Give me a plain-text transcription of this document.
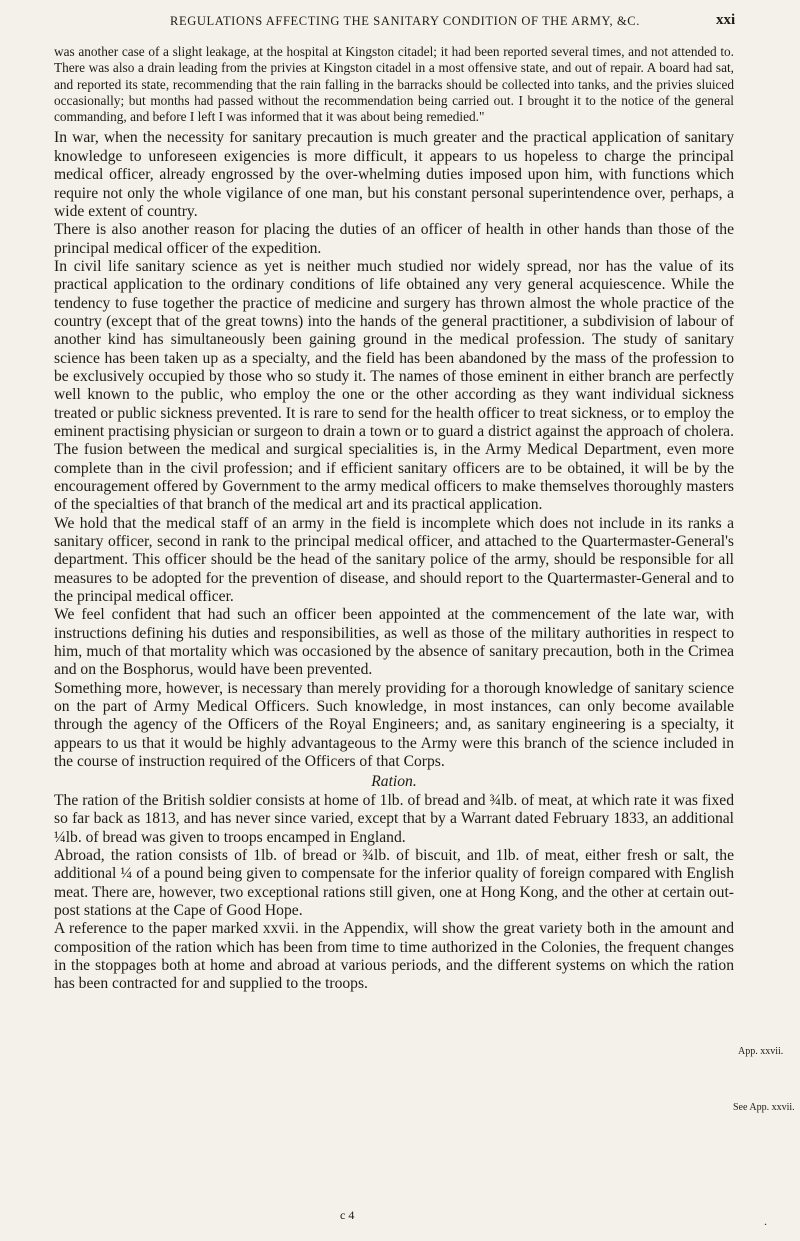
REGULATIONS AFFECTING THE SANITARY CONDITION OF THE ARMY, &C.	xxi

was another case of a slight leakage, at the hospital at Kingston citadel; it had been reported several times, and not attended to. There was also a drain leading from the privies at Kingston citadel in a most offensive state, and out of repair. A board had sat, and reported its state, recommending that the rain falling in the barracks should be collected into tanks, and the privies sluiced occasionally; but months had passed without the recommendation being carried out. I brought it to the notice of the general commanding, and before I left I was informed that it was about being remedied."

In war, when the necessity for sanitary precaution is much greater and the practical application of sanitary knowledge to unforeseen exigencies is more difficult, it appears to us hopeless to charge the principal medical officer, already engrossed by the over-whelming duties imposed upon him, with functions which require not only the whole vigilance of one man, but his constant personal superintendence over, perhaps, a wide extent of country.

There is also another reason for placing the duties of an officer of health in other hands than those of the principal medical officer of the expedition.

In civil life sanitary science as yet is neither much studied nor widely spread, nor has the value of its practical application to the ordinary conditions of life obtained any very general acquiescence. While the tendency to fuse together the practice of medicine and surgery has thrown almost the whole practice of the country (except that of the great towns) into the hands of the general practitioner, a subdivision of labour of another kind has simultaneously been gaining ground in the medical profession. The study of sanitary science has been taken up as a specialty, and the field has been abandoned by the mass of the profession to be exclusively occupied by those who so study it. The names of those eminent in either branch are perfectly well known to the public, who employ the one or the other according as they want individual sickness treated or public sickness prevented. It is rare to send for the health officer to treat sickness, or to employ the eminent practising physician or surgeon to drain a town or to guard a district against the approach of cholera.

The fusion between the medical and surgical specialities is, in the Army Medical Department, even more complete than in the civil profession; and if efficient sanitary officers are to be obtained, it will be by the encouragement offered by Government to the army medical officers to make themselves thoroughly masters of the specialties of that branch of the medical art and its practical application.

We hold that the medical staff of an army in the field is incomplete which does not include in its ranks a sanitary officer, second in rank to the principal medical officer, and attached to the Quartermaster-General's department. This officer should be the head of the sanitary police of the army, should be responsible for all measures to be adopted for the prevention of disease, and should report to the Quartermaster-General and to the principal medical officer.

We feel confident that had such an officer been appointed at the commencement of the late war, with instructions defining his duties and responsibilities, as well as those of the military authorities in respect to him, much of that mortality which was occasioned by the absence of sanitary precaution, both in the Crimea and on the Bosphorus, would have been prevented.

Something more, however, is necessary than merely providing for a thorough knowledge of sanitary science on the part of Army Medical Officers. Such knowledge, in most instances, can only become available through the agency of the Officers of the Royal Engineers; and, as sanitary engineering is a specialty, it appears to us that it would be highly advantageous to the Army were this branch of the science included in the course of instruction required of the Officers of that Corps.

Ration.

The ration of the British soldier consists at home of 1lb. of bread and ¾lb. of meat, at which rate it was fixed so far back as 1813, and has never since varied, except that by a Warrant dated February 1833, an additional ¼lb. of bread was given to troops encamped in England.

Abroad, the ration consists of 1lb. of bread or ¾lb. of biscuit, and 1lb. of meat, either fresh or salt, the additional ¼ of a pound being given to compensate for the inferior quality of foreign compared with English meat. There are, however, two exceptional rations still given, one at Hong Kong, and the other at certain out-post stations at the Cape of Good Hope.

A reference to the paper marked xxvii. in the Appendix, will show the great variety both in the amount and composition of the ration which has been from time to time authorized in the Colonies, the frequent changes in the stoppages both at home and abroad at various periods, and the different systems on which the ration has been contracted for and supplied to the troops.

App. xxvii.
See App. xxvii.
c 4	.
